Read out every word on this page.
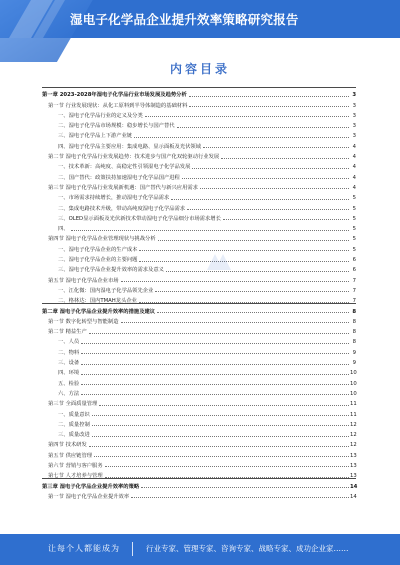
湿电子化学品企业提升效率策略研究报告
内容目录
第一章 2023-2028年湿电子化学品行业市场发展及趋势分析	3
第一节 行业发展现状：从化工原料到半导体制造的基础材料	3
一、湿电子化学品行业的定义及分类	3
二、湿电子化学品市场规模：稳步增长与国产替代	3
三、湿电子化学品上下游产业链	3
四、湿电子化学品主要应用：集成电路、显示面板及光伏领域	4
第二节 湿电子化学品行业发展趋势：技术进步与国产化双轮驱动行业发展	4
一、技术革新：高纯度、高稳定性引领湿电子化学品发展	4
二、国产替代：政策扶持加速湿电子化学品国产进程	4
第三节 湿电子化学品行业发展新机遇：国产替代与新兴应用需求	4
一、市场需求持续增长，推动湿电子化学品需求	5
二、集成电路技术升级，带动高纯度湿电子化学品需求	5
三、OLED显示面板及光伏新技术带动湿电子化学品细分市场需求增长	5
四、	5
第四节 湿电子化学品企业管理现状与挑战分析	5
一、湿电子化学品企业的生产成本	5
二、湿电子化学品企业的主要问题	6
三、湿电子化学品企业提升效率的需求及意义	6
第五节 湿电子化学品企业市场	7
一、江化微：国内湿电子化学品领先企业	7
二、格林达：国内TMAH龙头企业	7
第二章 湿电子化学品企业提升效率的措施及建议	8
第一节 数字化转型与智能制造	8
第二节 精益生产	8
一、人员	8
二、物料	9
三、设备	9
四、环境	10
五、检验	10
六、方法	10
第三节 全面质量管理	11
一、质量意识	11
二、质量控制	12
三、质量改进	12
第四节 技术研发	12
第五节 供应链管理	13
第六节 营销与客户服务	13
第七节 人才培养与管理	13
第三章 湿电子化学品企业提升效率的策略	14
第一节 湿电子化学品企业提升效率	14
让每个人都能成为	行业专家、管理专家、咨询专家、战略专家、成功企业家……
